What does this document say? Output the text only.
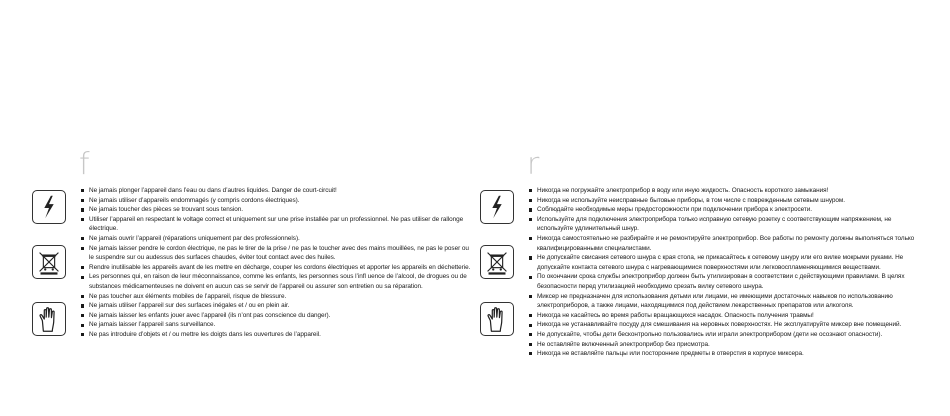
f
Ne jamais plonger l’appareil dans l’eau ou dans d’autres liquides. Danger de court-circuit!
Ne jamais utiliser d’appareils endommagés (y compris cordons électriques).
Ne jamais toucher des pièces se trouvant sous tension.
Utiliser l’appareil en respectant le voltage correct et uniquement sur une prise installée par un professionnel. Ne pas utiliser de rallonge électrique.
Ne jamais ouvrir l’appareil (réparations uniquement par des professionnels).
Ne jamais laisser pendre le cordon électrique, ne pas le tirer de la prise / ne pas le toucher avec des mains mouillées, ne pas le poser ou le suspendre sur ou audessus des surfaces chaudes, éviter tout contact avec des huiles.
Rendre inutilisable les appareils avant de les mettre en décharge, couper les cordons électriques et apporter les appareils en déchetterie.
Les personnes qui, en raison de leur méconnaissance, comme les enfants, les personnes sous l’infl uence de l’alcool, de drogues ou de substances médicamenteuses ne doivent en aucun cas se servir de l’appareil ou assurer son entretien ou sa réparation.
Ne pas toucher aux éléments mobiles de l’appareil, risque de blessure.
Ne jamais utiliser l’appareil sur des surfaces inégales et / ou en plein air.
Ne jamais laisser les enfants jouer avec l’appareil (ils n’ont pas conscience du danger).
Ne jamais laisser l’appareil sans surveillance.
Ne pas introduire d’objets et / ou mettre les doigts dans les ouvertures de l’appareil.
r
Никогда не погружайте электроприбор в воду или иную жидкость. Опасность короткого замыкания!
Никогда не используйте неисправные бытовые приборы, в том числе с поврежденным сетевым шнуром.
Соблюдайте необходимые меры предосторожности при подключении прибора к электросети.
Используйте для подключения электроприбора только исправную сетевую розетку с соответствующим напряжением, не используйте удлинительный шнур.
Никогда самостоятельно не разбирайте и не ремонтируйте электроприбор. Все работы по ремонту должны выполняться только квалифицированными специалистами.
Не допускайте свисания сетевого шнура с края стола, не прикасайтесь к сетевому шнуру или его вилке мокрыми руками. Не допускайте контакта сетевого шнура с нагревающимися поверхностями или легковоспламеняющимися веществами.
По окончании срока службы электроприбор должен быть утилизирован в соответствии с действующими правилами. В целях безопасности перед утилизацией необходимо срезать вилку сетевого шнура.
Миксер не предназначен для использования детьми или лицами, не имеющими достаточных навыков по использованию электроприборов, а также лицами, находящимися под действием лекарственных препаратов или алкоголя.
Никогда не касайтесь во время работы вращающихся насадок. Опасность получения травмы!
Никогда не устанавливайте посуду для смешивания на неровных поверхностях. Не эксплуатируйте миксер вне помещений.
Не допускайте, чтобы дети бесконтрольно пользовались или играли электроприбором (дети не осознают опасности).
Не оставляйте включенный электроприбор без присмотра.
Никогда не вставляйте пальцы или посторонние предметы в отверстия в корпусе миксера.
